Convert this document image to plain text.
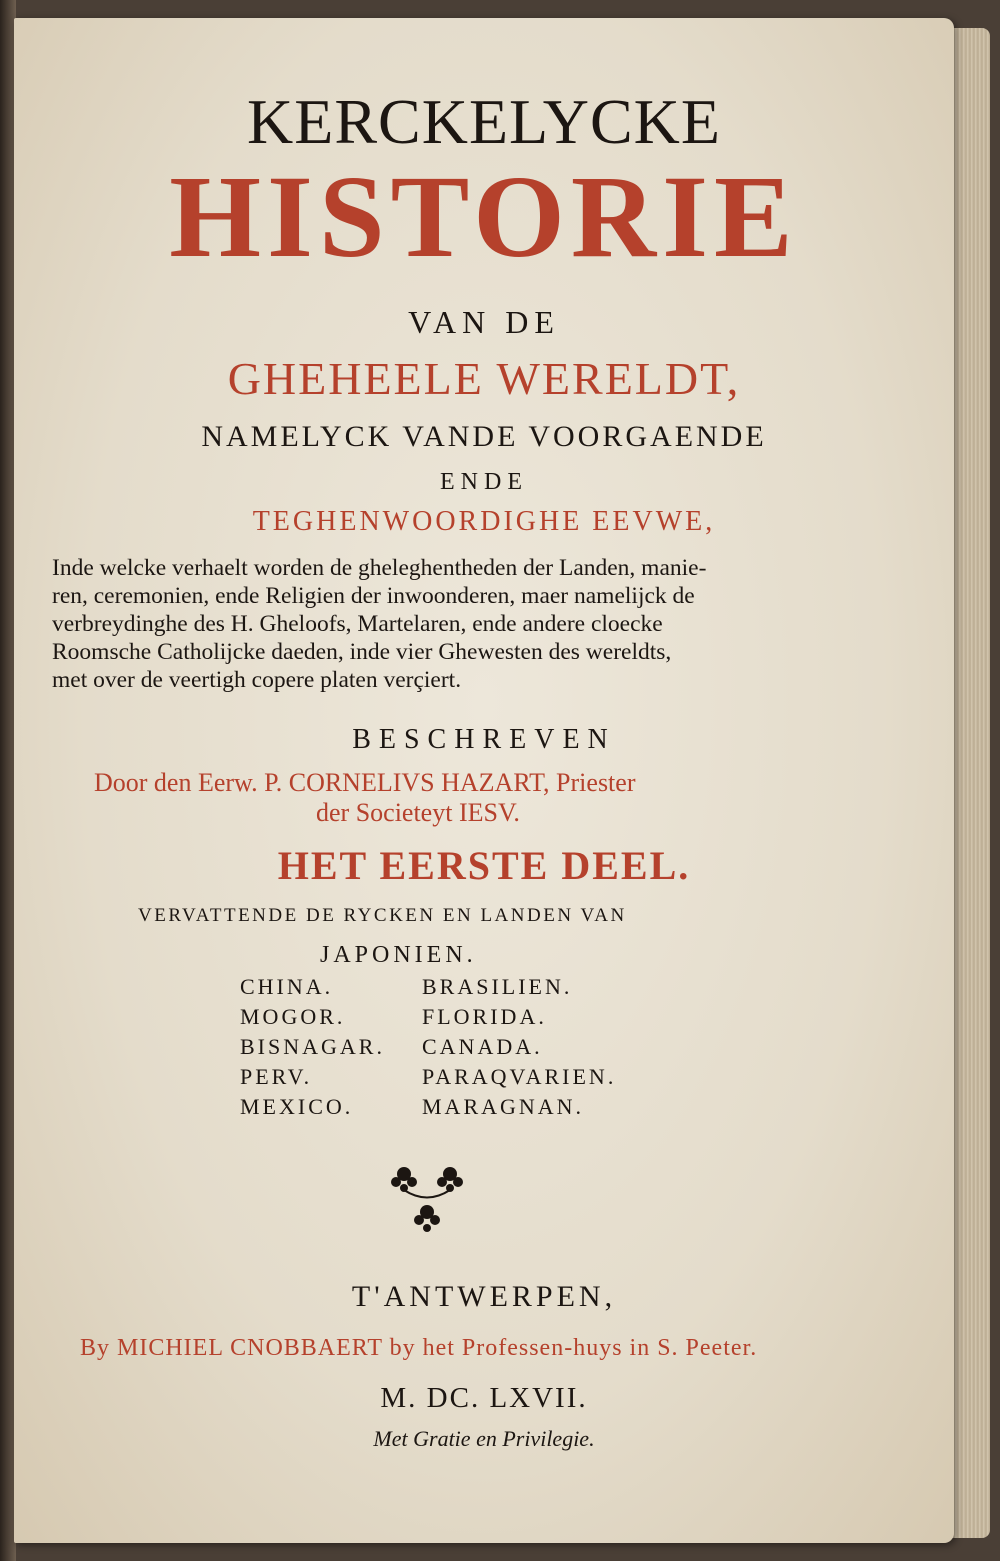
KERCKELYCKE
HISTORIE
VAN DE
GHEHEELE WERELDT,
NAMELYCK VANDE VOORGAENDE
ENDE
TEGHENWOORDIGHE EEVWE,
Inde welcke verhaelt worden de gheleghentheden der Landen, manie-
ren, ceremonien, ende Religien der inwoonderen, maer namelijck de
verbreydinghe des H. Gheloofs, Martelaren, ende andere cloecke
Roomsche Catholijcke daeden, inde vier Ghewesten des wereldts,
met over de veertigh copere platen verçiert.
BESCHREVEN
Door den Eerw. P. CORNELIVS HAZART, Priester
der Societeyt IESV.
HET EERSTE DEEL.
VERVATTENDE DE RYCKEN EN LANDEN VAN
JAPONIEN.
CHINA.
MOGOR.
BISNAGAR.
PERV.
MEXICO.
BRASILIEN.
FLORIDA.
CANADA.
PARAQVARIEN.
MARAGNAN.
T'ANTWERPEN,
By MICHIEL CNOBBAERT by het Professen-huys in S. Peeter.
M. DC. LXVII.
Met Gratie en Privilegie.
